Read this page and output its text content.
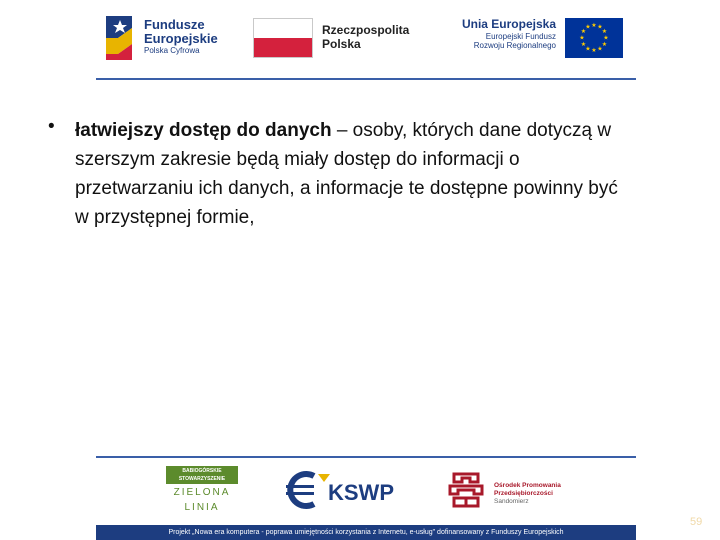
Fundusze
Europejskie
Polska Cyfrowa
Rzeczpospolita
Polska
Unia Europejska
Europejski Fundusz
Rozwoju Regionalnego
★ ★
★
★
★
★
★
★
★
★
★
★
• łatwiejszy dostęp do danych – osoby, których dane dotyczą w szerszym zakresie będą miały dostęp do informacji o przetwarzaniu ich danych, a informacje te dostępne powinny być w przystępnej formie,
BABIOGÓRSKIE
STOWARZYSZENIE
ZIELONA
LINIA
KSWP	Ośrodek Promowania
Przedsiębiorczości
Sandomierz
Projekt „Nowa era komputera - poprawa umiejętności korzystania z Internetu, e-usług" dofinansowany z Funduszy Europejskich
59
